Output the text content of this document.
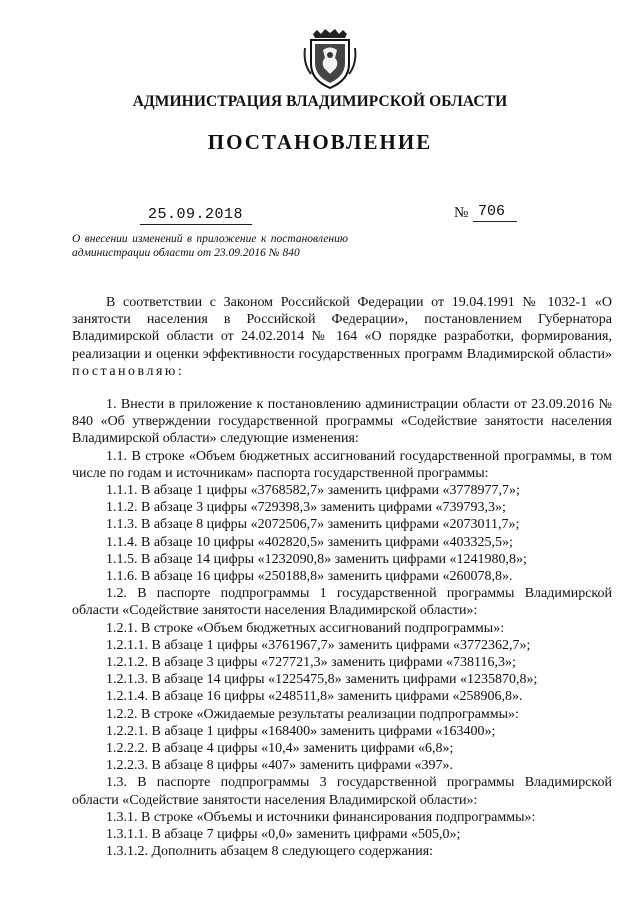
АДМИНИСТРАЦИЯ ВЛАДИМИРСКОЙ ОБЛАСТИ
ПОСТАНОВЛЕНИЕ
25.09.2018	№ 706
О внесении изменений в приложение к постановлению администрации области от 23.09.2016 № 840

В соответствии с Законом Российской Федерации от 19.04.1991 № 1032-1 «О занятости населения в Российской Федерации», постановлением Губернатора Владимирской области от 24.02.2014 № 164 «О порядке разработки, формирования, реализации и оценки эффективности государственных программ Владимирской области» постановляю:

1. Внести в приложение к постановлению администрации области от 23.09.2016 № 840 «Об утверждении государственной программы «Содействие занятости населения Владимирской области» следующие изменения:

1.1. В строке «Объем бюджетных ассигнований государственной программы, в том числе по годам и источникам» паспорта государственной программы:

1.1.1. В абзаце 1 цифры «3768582,7» заменить цифрами «3778977,7»;

1.1.2. В абзаце 3 цифры «729398,3» заменить цифрами «739793,3»;

1.1.3. В абзаце 8 цифры «2072506,7» заменить цифрами «2073011,7»;

1.1.4. В абзаце 10 цифры «402820,5» заменить цифрами «403325,5»;

1.1.5. В абзаце 14 цифры «1232090,8» заменить цифрами «1241980,8»;

1.1.6. В абзаце 16 цифры «250188,8» заменить цифрами «260078,8».

1.2. В паспорте подпрограммы 1 государственной программы Владимирской области «Содействие занятости населения Владимирской области»:

1.2.1. В строке «Объем бюджетных ассигнований подпрограммы»:

1.2.1.1. В абзаце 1 цифры «3761967,7» заменить цифрами «3772362,7»;

1.2.1.2. В абзаце 3 цифры «727721,3» заменить цифрами «738116,3»;

1.2.1.3. В абзаце 14 цифры «1225475,8» заменить цифрами «1235870,8»;

1.2.1.4. В абзаце 16 цифры «248511,8» заменить цифрами «258906,8».

1.2.2. В строке «Ожидаемые результаты реализации подпрограммы»:

1.2.2.1. В абзаце 1 цифры «168400» заменить цифрами «163400»;

1.2.2.2. В абзаце 4 цифры «10,4» заменить цифрами «6,8»;

1.2.2.3. В абзаце 8 цифры «407» заменить цифрами «397».

1.3. В паспорте подпрограммы 3 государственной программы Владимирской области «Содействие занятости населения Владимирской области»:

1.3.1. В строке «Объемы и источники финансирования подпрограммы»:

1.3.1.1. В абзаце 7 цифры «0,0» заменить цифрами «505,0»;

1.3.1.2. Дополнить абзацем 8 следующего содержания:
